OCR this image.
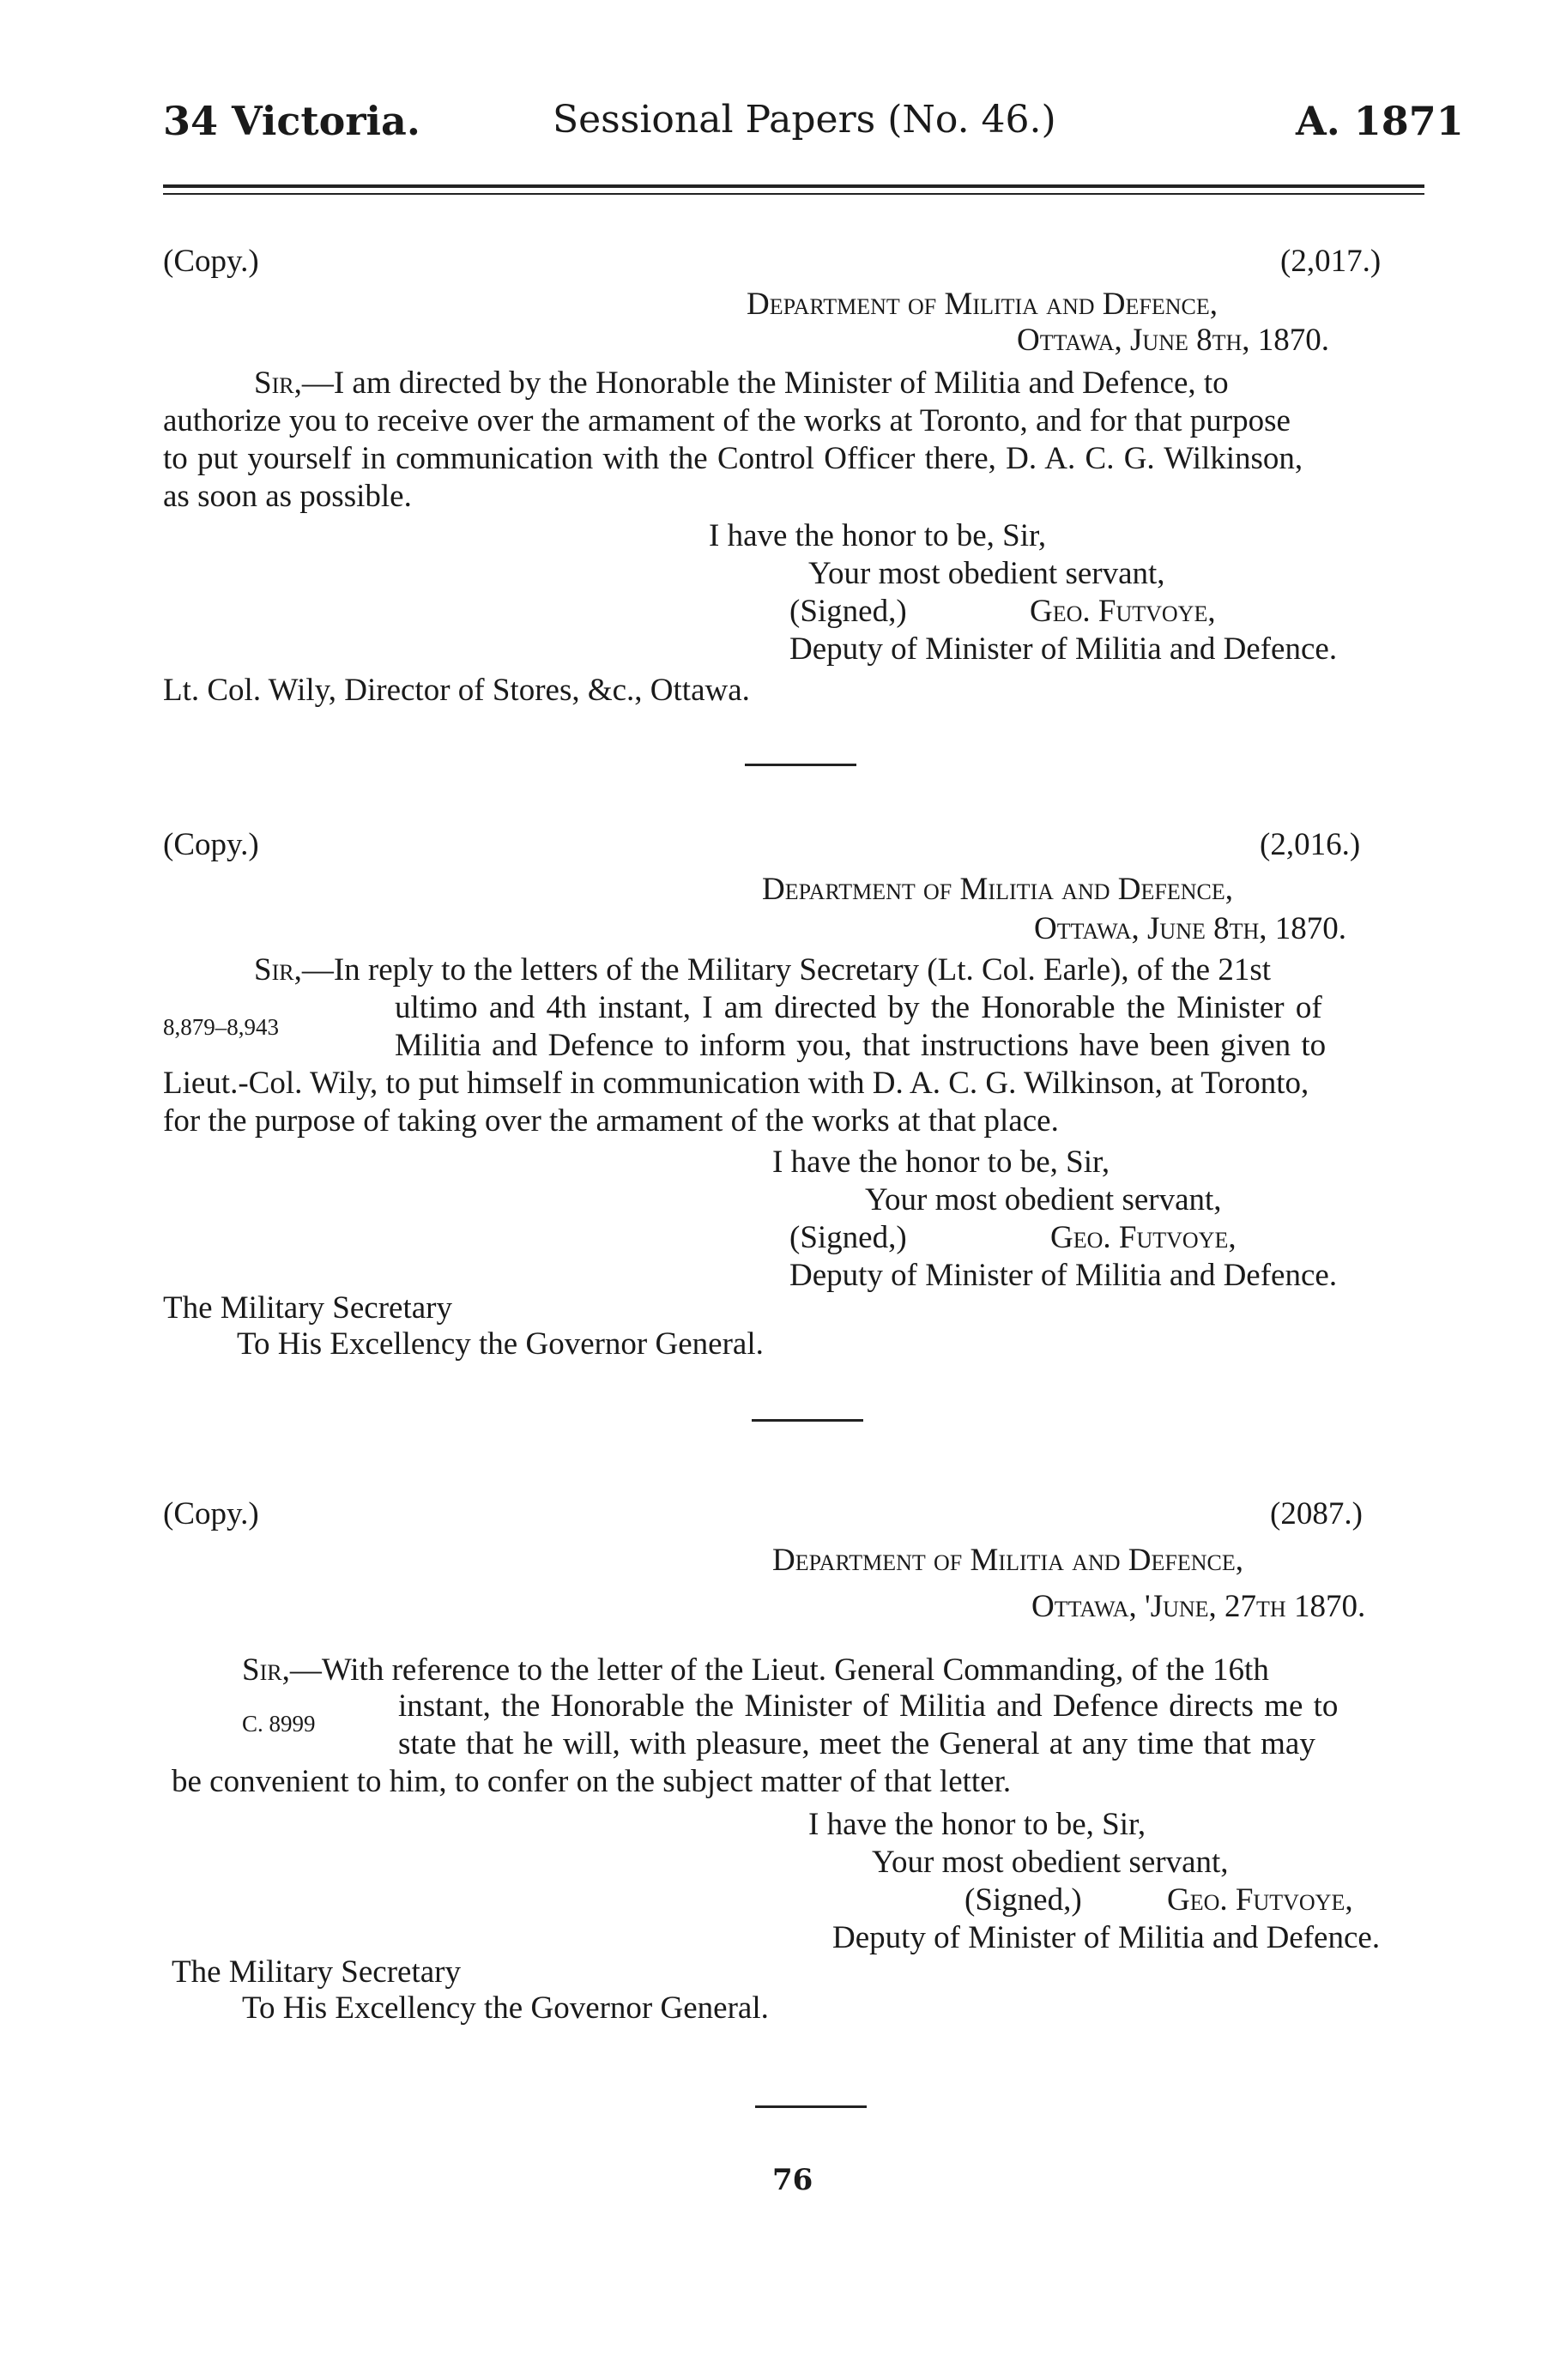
34 Victoria.	Sessional Papers (No. 46.)	A. 1871
(Copy.)	(2,017.)
Department of Militia and Defence,
Ottawa, June 8th, 1870.
Sir,—I am directed by the Honorable the Minister of Militia and Defence, to
authorize you to receive over the armament of the works at Toronto, and for that purpose
to put yourself in communication with the Control Officer there, D. A. C. G. Wilkinson,
as soon as possible.
I have the honor to be, Sir,
Your most obedient servant,
(Signed,)	Geo. Futvoye,
Deputy of Minister of Militia and Defence.
Lt. Col. Wily, Director of Stores, &c., Ottawa.
(Copy.)	(2,016.)
Department of Militia and Defence,
Ottawa, June 8th, 1870.
Sir,—In reply to the letters of the Military Secretary (Lt. Col. Earle), of the 21st
8,879–8,943
ultimo and 4th instant, I am directed by the Honorable the Minister of
Militia and Defence to inform you, that instructions have been given to
Lieut.-Col. Wily, to put himself in communication with D. A. C. G. Wilkinson, at Toronto,
for the purpose of taking over the armament of the works at that place.
I have the honor to be, Sir,
Your most obedient servant,
(Signed,)	Geo. Futvoye,
Deputy of Minister of Militia and Defence.
The Military Secretary
To His Excellency the Governor General.
(Copy.)	(2087.)
Department of Militia and Defence,
Ottawa, 'June, 27th 1870.
Sir,—With reference to the letter of the Lieut. General Commanding, of the 16th
C. 8999	instant, the Honorable the Minister of Militia and Defence directs me to
state that he will, with pleasure, meet the General at any time that may
be convenient to him, to confer on the subject matter of that letter.
I have the honor to be, Sir,
Your most obedient servant,
(Signed,)	Geo. Futvoye,
Deputy of Minister of Militia and Defence.
The Military Secretary
To His Excellency the Governor General.
76
